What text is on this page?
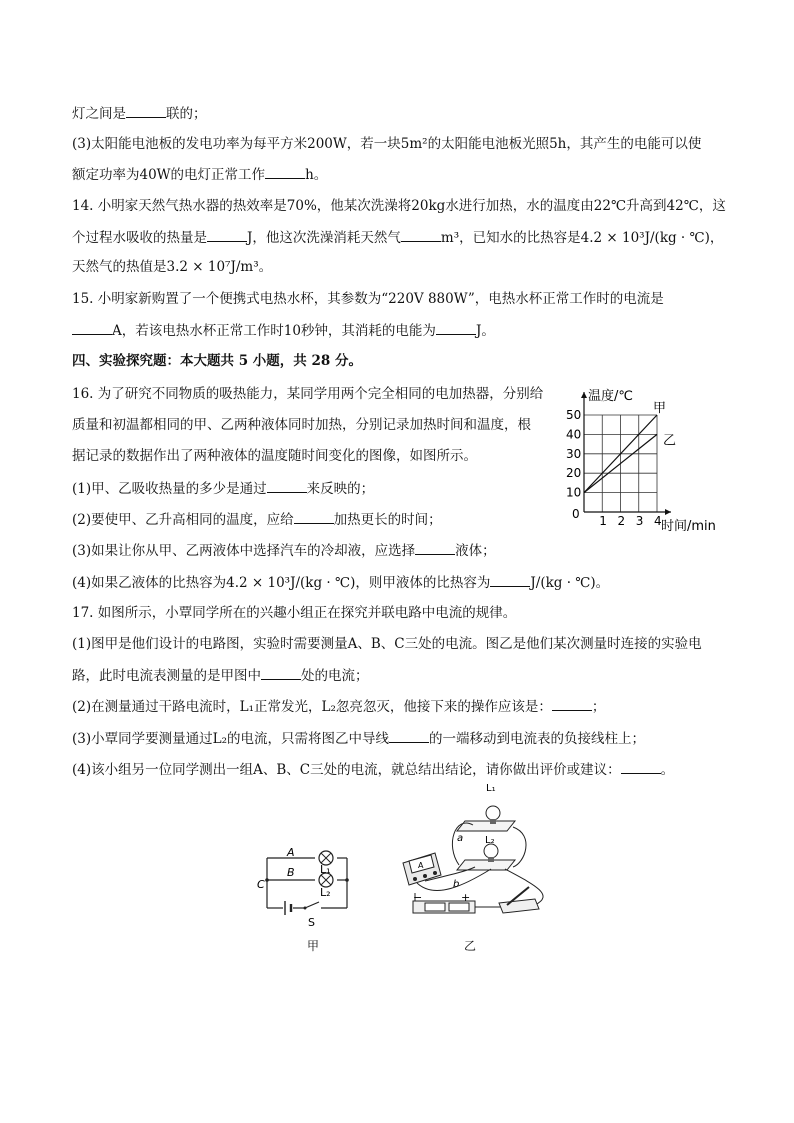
灯之间是	联的；
(3)太阳能电池板的发电功率为每平方米200W，若一块5m²的太阳能电池板光照5h，其产生的电能可以使
额定功率为40W的电灯正常工作	h。
14. 小明家天然气热水器的热效率是70%，他某次洗澡将20kg水进行加热，水的温度由22℃升高到42℃，这
个过程水吸收的热量是	J，他这次洗澡消耗天然气	m³，已知水的比热容是4.2 × 10³J/(kg · ℃)，
天然气的热值是3.2 × 10⁷J/m³。
15. 小明家新购置了一个便携式电热水杯，其参数为“220V 880W”，电热水杯正常工作时的电流是
A，若该电热水杯正常工作时10秒钟，其消耗的电能为	J。
四、实验探究题：本大题共 5 小题，共 28 分。
16. 为了研究不同物质的吸热能力，某同学用两个完全相同的电加热器，分别给
质量和初温都相同的甲、乙两种液体同时加热，分别记录加热时间和温度，根
据记录的数据作出了两种液体的温度随时间变化的图像，如图所示。
(1)甲、乙吸收热量的多少是通过	来反映的；
(2)要使甲、乙升高相同的温度，应给	加热更长的时间；
(3)如果让你从甲、乙两液体中选择汽车的冷却液，应选择	液体；
(4)如果乙液体的比热容为4.2 × 10³J/(kg · ℃)，则甲液体的比热容为	J/(kg · ℃)。
17. 如图所示，小覃同学所在的兴趣小组正在探究并联电路中电流的规律。
(1)图甲是他们设计的电路图，实验时需要测量A、B、C三处的电流。图乙是他们某次测量时连接的实验电
路，此时电流表测量的是甲图中	处的电流；
(2)在测量通过干路电流时，L₁正常发光，L₂忽亮忽灭，他接下来的操作应该是：	；
(3)小覃同学要测量通过L₂的电流，只需将图乙中导线	的一端移动到电流表的负接线柱上；
(4)该小组另一位同学测出一组A、B、C三处的电流，就总结出结论，请你做出评价或建议：	。
0 1 2 3 4
10
20
30
40
50	甲
乙
温度/℃
时间/min
A
B
C
L₁
L₂
S
甲
A
L₁
L₂
a
b
−	+
乙
